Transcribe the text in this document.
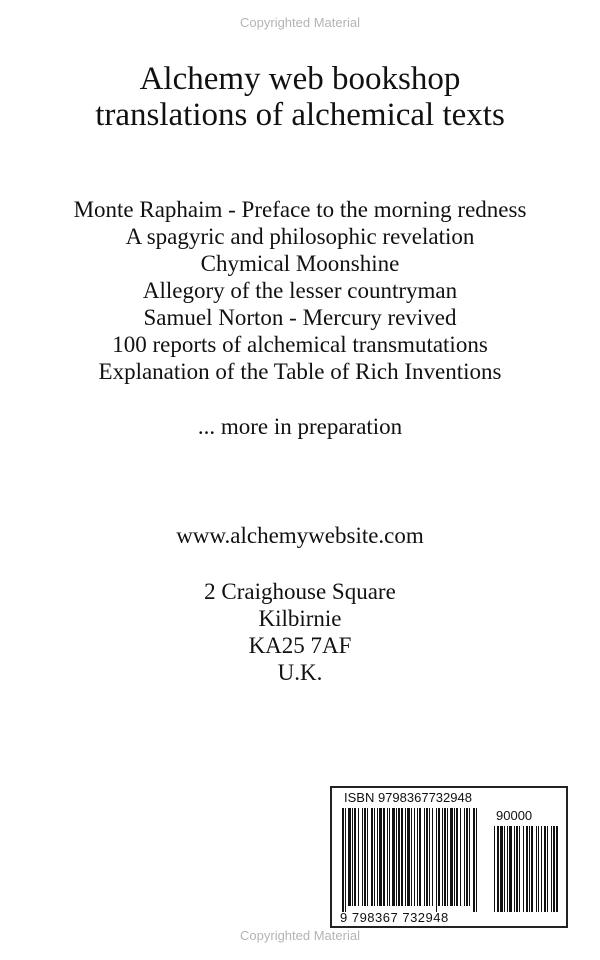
Copyrighted Material
Alchemy web bookshop
translations of alchemical texts
Monte Raphaim - Preface to the morning redness
A spagyric and philosophic revelation
Chymical Moonshine
Allegory of the lesser countryman
Samuel Norton - Mercury revived
100 reports of alchemical transmutations
Explanation of the Table of Rich Inventions
... more in preparation
www.alchemywebsite.com
2 Craighouse Square
Kilbirnie
KA25 7AF
U.K.
ISBN 9798367732948
90000
9 798367 732948
Copyrighted Material
